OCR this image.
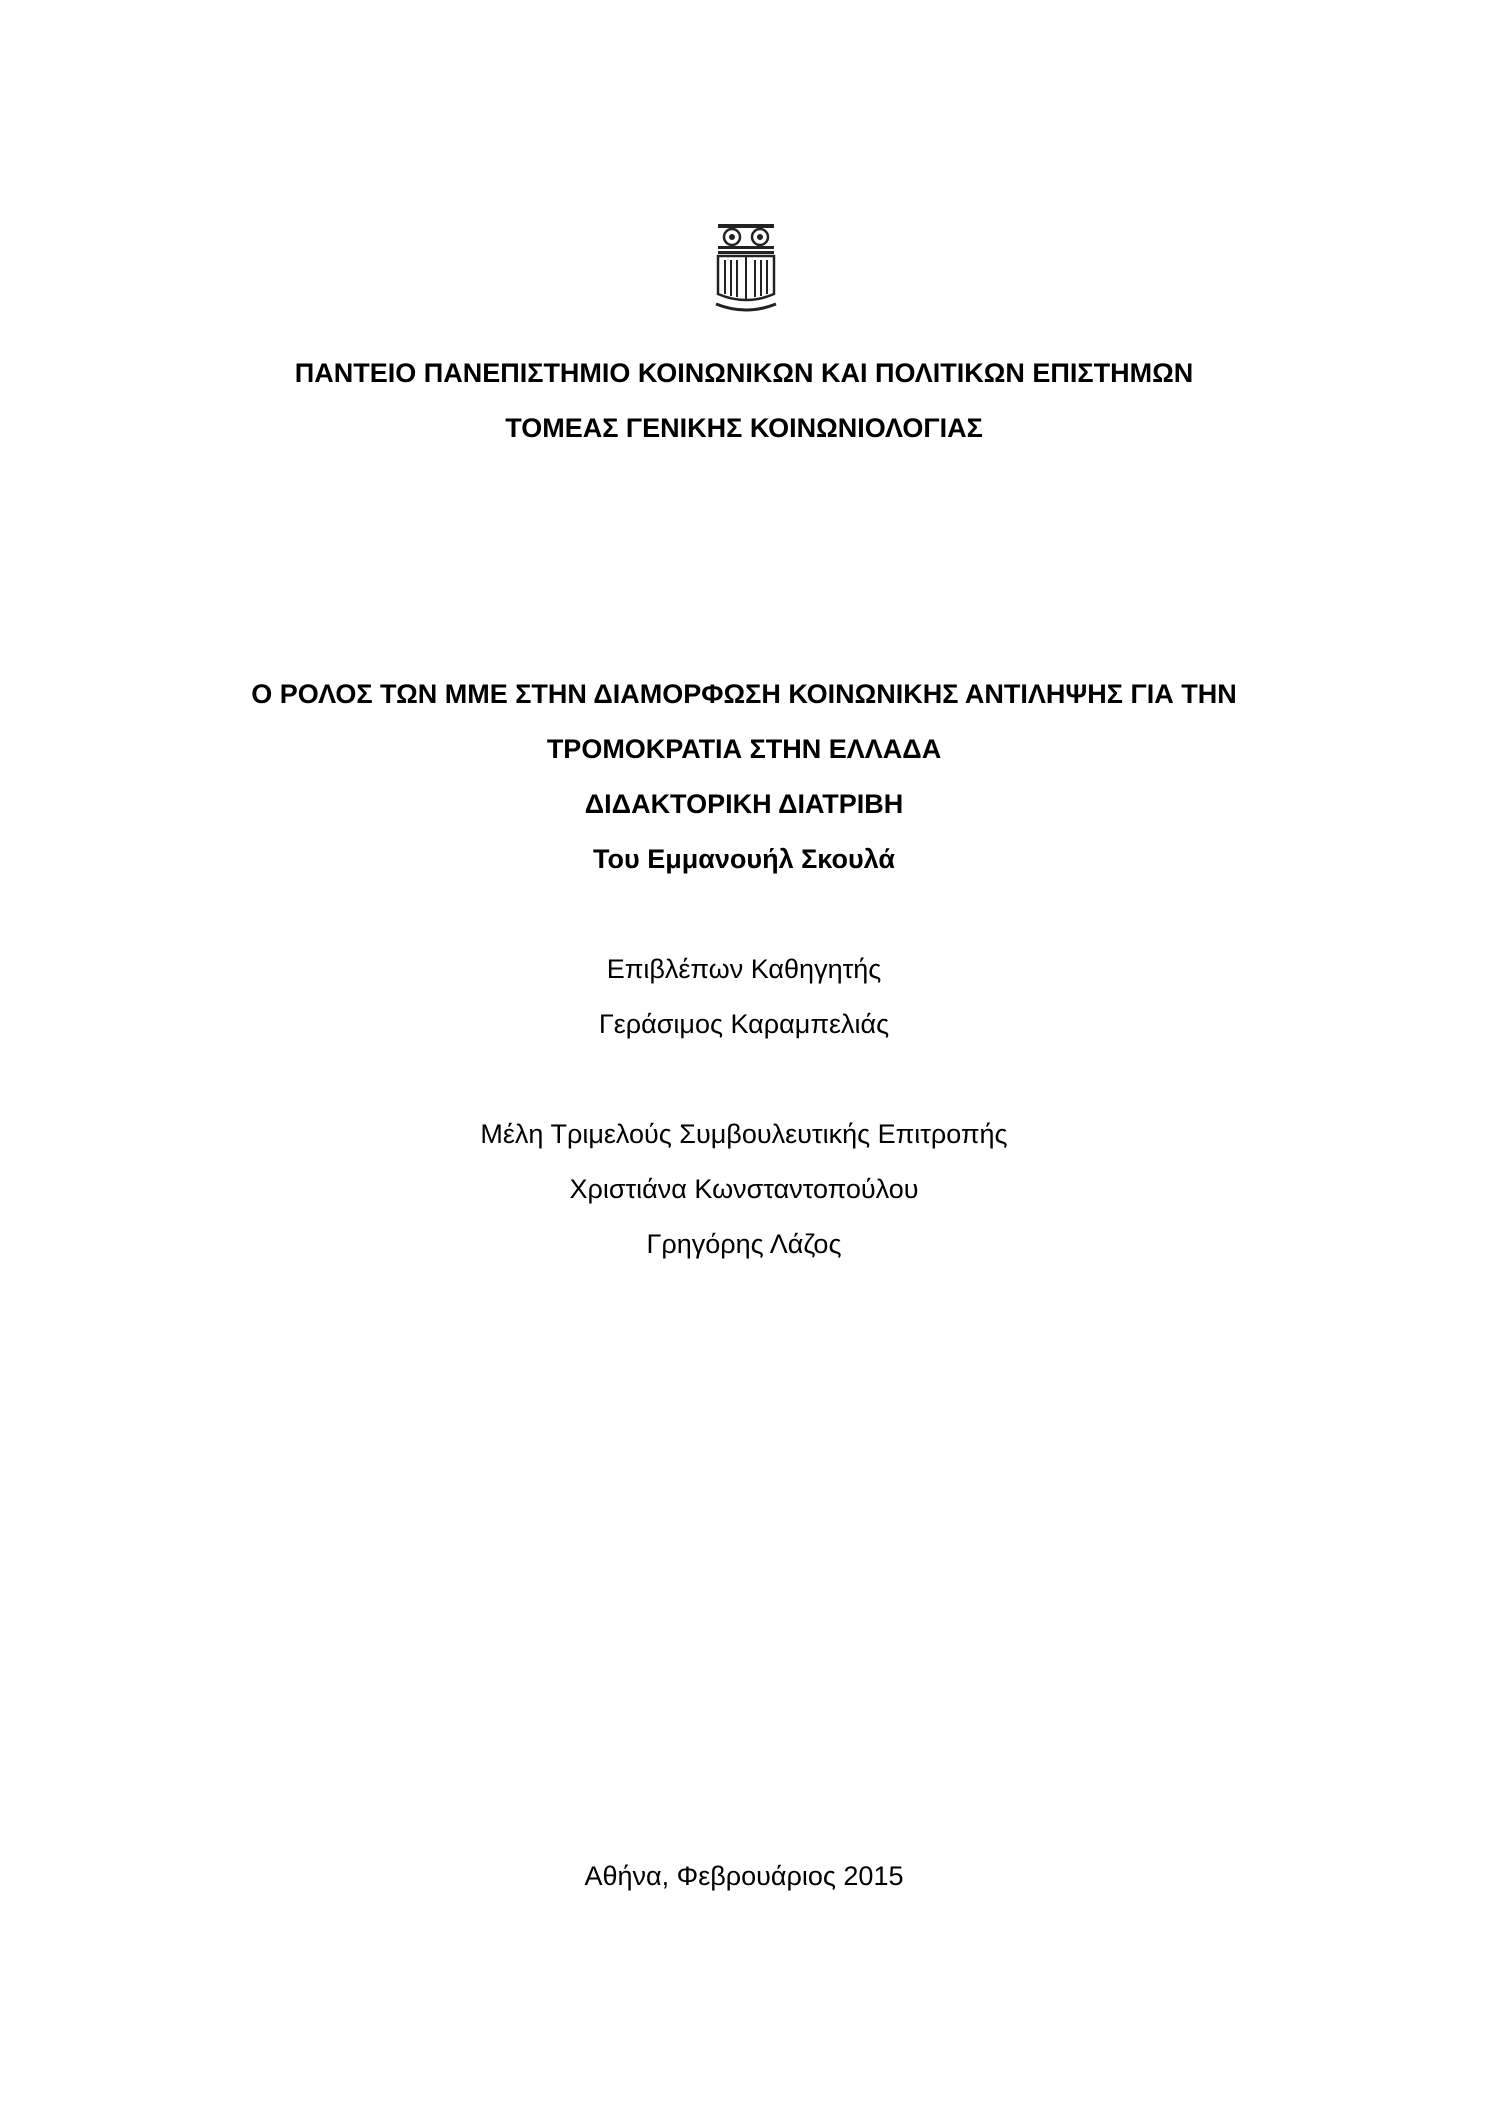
ΠΑΝΤΕΙΟ ΠΑΝΕΠΙΣΤΗΜΙΟ ΚΟΙΝΩΝΙΚΩΝ ΚΑΙ ΠΟΛΙΤΙΚΩΝ ΕΠΙΣΤΗΜΩΝ
ΤΟΜΕΑΣ ΓΕΝΙΚΗΣ ΚΟΙΝΩΝΙΟΛΟΓΙΑΣ
Ο ΡΟΛΟΣ ΤΩΝ ΜΜΕ ΣΤΗΝ ΔΙΑΜΟΡΦΩΣΗ ΚΟΙΝΩΝΙΚΗΣ ΑΝΤΙΛΗΨΗΣ ΓΙΑ ΤΗΝ
ΤΡΟΜΟΚΡΑΤΙΑ ΣΤΗΝ ΕΛΛΑΔΑ
ΔΙΔΑΚΤΟΡΙΚΗ ΔΙΑΤΡΙΒΗ
Του Εμμανουήλ Σκουλά
Επιβλέπων Καθηγητής
Γεράσιμος Καραμπελιάς
Μέλη Τριμελούς Συμβουλευτικής Επιτροπής
Χριστιάνα Κωνσταντοπούλου
Γρηγόρης Λάζος
Αθήνα, Φεβρουάριος 2015
